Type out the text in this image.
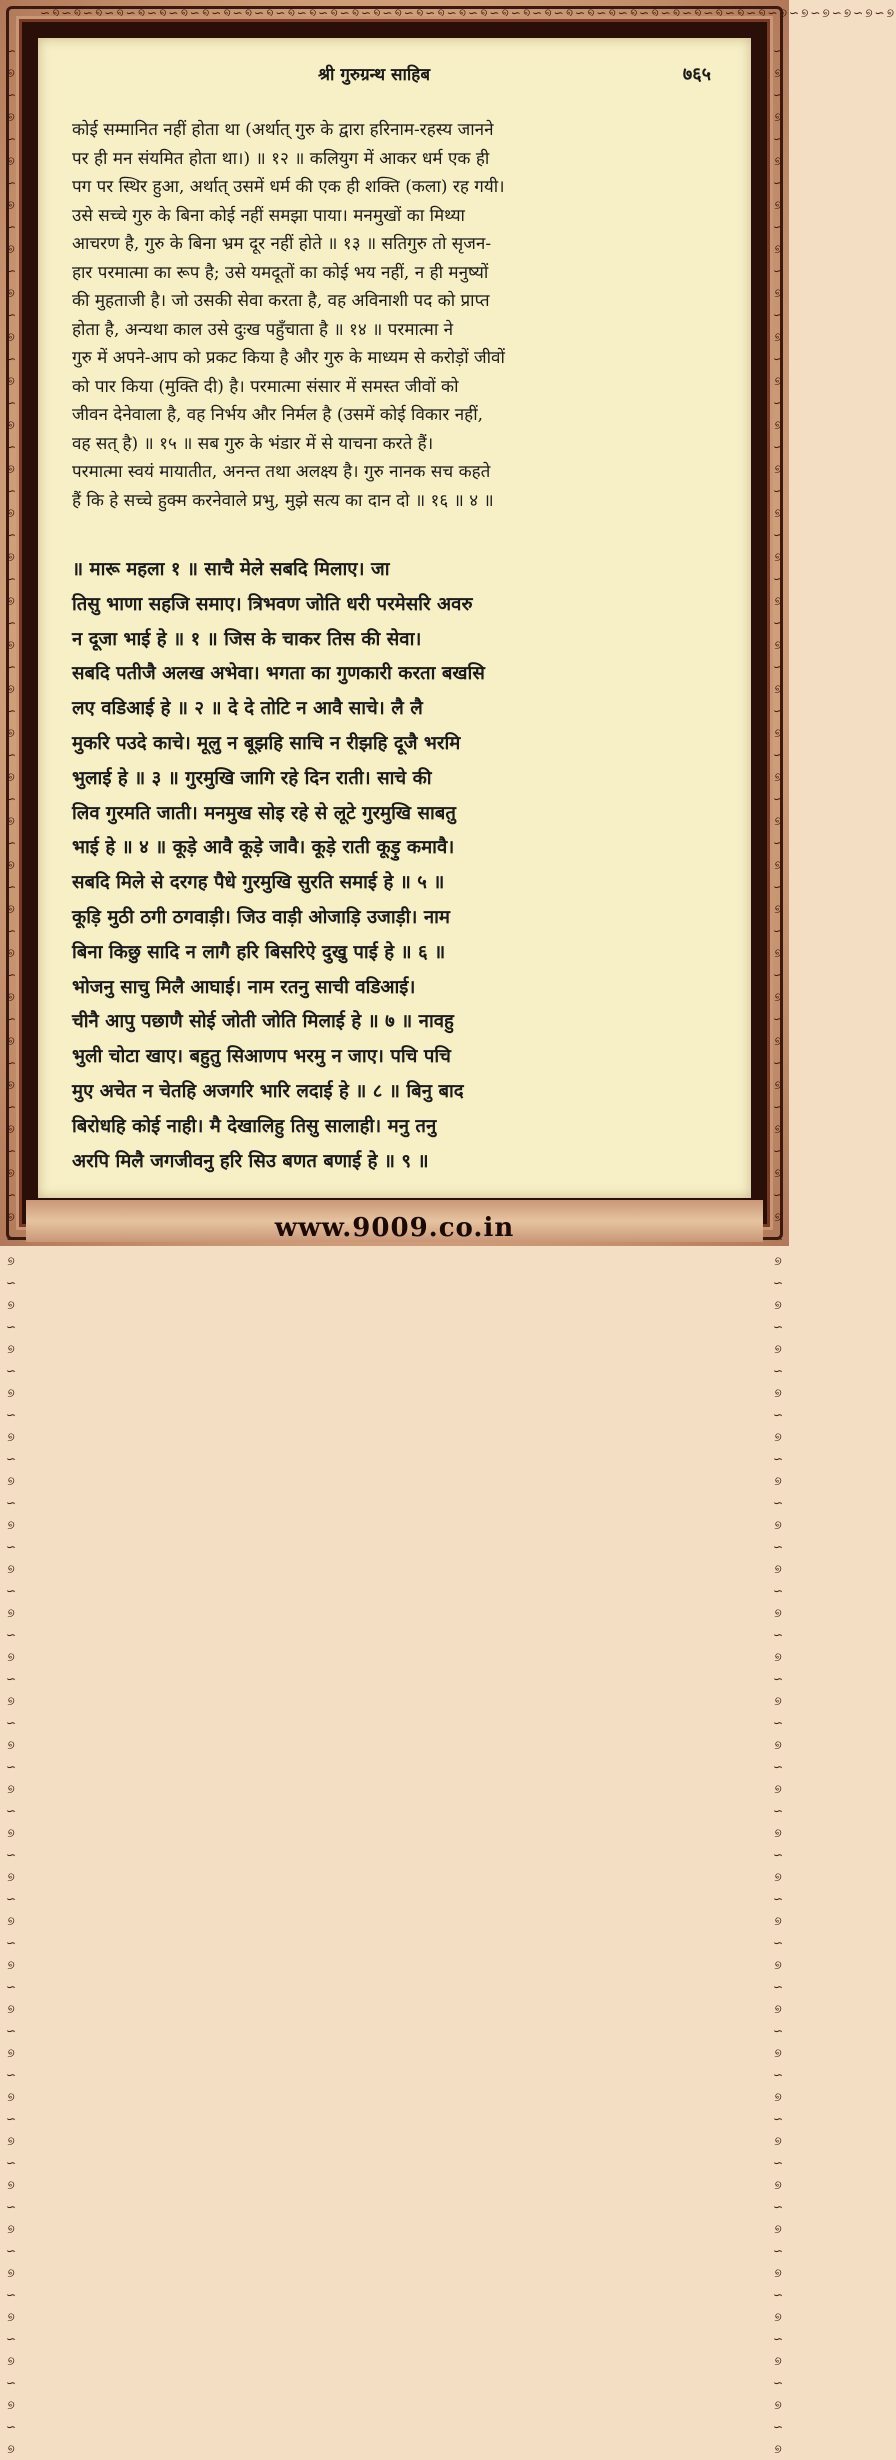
∽୭∽୭∽୭∽୭∽୭∽୭∽୭∽୭∽୭∽୭∽୭∽୭∽୭∽୭∽୭∽୭∽୭∽୭∽୭∽୭∽୭∽୭∽୭∽୭∽୭∽୭∽୭∽୭∽୭∽୭∽୭∽୭∽୭∽୭∽୭∽୭∽୭∽୭∽୭∽୭
∽୭∽୭∽୭∽୭∽୭∽୭∽୭∽୭∽୭∽୭∽୭∽୭∽୭∽୭∽୭∽୭∽୭∽୭∽୭∽୭∽୭∽୭∽୭∽୭∽୭∽୭∽୭∽୭∽୭∽୭∽୭∽୭∽୭∽୭∽୭∽୭∽୭∽୭∽୭∽୭∽୭∽୭∽୭∽୭∽୭∽୭∽୭∽୭∽୭∽୭∽୭∽୭∽୭∽୭∽୭
∽୭∽୭∽୭∽୭∽୭∽୭∽୭∽୭∽୭∽୭∽୭∽୭∽୭∽୭∽୭∽୭∽୭∽୭∽୭∽୭∽୭∽୭∽୭∽୭∽୭∽୭∽୭∽୭∽୭∽୭∽୭∽୭∽୭∽୭∽୭∽୭∽୭∽୭∽୭∽୭∽୭∽୭∽୭∽୭∽୭∽୭∽୭∽୭∽୭∽୭∽୭∽୭∽୭∽୭∽୭
श्री गुरुग्रन्थ साहिब	७६५

कोई सम्मानित नहीं होता था (अर्थात् गुरु के द्वारा हरिनाम-रहस्य जानने

पर ही मन संयमित होता था।) ॥ १२ ॥ कलियुग में आकर धर्म एक ही

पग पर स्थिर हुआ, अर्थात् उसमें धर्म की एक ही शक्ति (कला) रह गयी।

उसे सच्चे गुरु के बिना कोई नहीं समझा पाया। मनमुखों का मिथ्या

आचरण है, गुरु के बिना भ्रम दूर नहीं होते ॥ १३ ॥ सतिगुरु तो सृजन-

हार परमात्मा का रूप है; उसे यमदूतों का कोई भय नहीं, न ही मनुष्यों

की मुहताजी है। जो उसकी सेवा करता है, वह अविनाशी पद को प्राप्त

होता है, अन्यथा काल उसे दुःख पहुँचाता है ॥ १४ ॥ परमात्मा ने

गुरु में अपने-आप को प्रकट किया है और गुरु के माध्यम से करोड़ों जीवों

को पार किया (मुक्ति दी) है। परमात्मा संसार में समस्त जीवों को

जीवन देनेवाला है, वह निर्भय और निर्मल है (उसमें कोई विकार नहीं,

वह सत् है) ॥ १५ ॥ सब गुरु के भंडार में से याचना करते हैं।

परमात्मा स्वयं मायातीत, अनन्त तथा अलक्ष्य है। गुरु नानक सच कहते

हैं कि हे सच्चे हुक्म करनेवाले प्रभु, मुझे सत्य का दान दो ॥ १६ ॥ ४ ॥

॥ मारू महला १ ॥ साचै मेले सबदि मिलाए। जा

तिसु भाणा सहजि समाए। त्रिभवण जोति धरी परमेसरि अवरु

न दूजा भाई हे ॥ १ ॥ जिस के चाकर तिस की सेवा।

सबदि पतीजै अलख अभेवा। भगता का गुणकारी करता बखसि

लए वडिआई हे ॥ २ ॥ दे दे तोटि न आवै साचे। लै लै

मुकरि पउदे काचे। मूलु न बूझहि साचि न रीझहि दूजै भरमि

भुलाई हे ॥ ३ ॥ गुरमुखि जागि रहे दिन राती। साचे की

लिव गुरमति जाती। मनमुख सोइ रहे से लूटे गुरमुखि साबतु

भाई हे ॥ ४ ॥ कूड़े आवै कूड़े जावै। कूड़े राती कूड़ु कमावै।

सबदि मिले से दरगह पैधे गुरमुखि सुरति समाई हे ॥ ५ ॥

कूड़ि मुठी ठगी ठगवाड़ी। जिउ वाड़ी ओजाड़ि उजाड़ी। नाम

बिना किछु सादि न लागै हरि बिसरिऐ दुखु पाई हे ॥ ६ ॥

भोजनु साचु मिलै आघाई। नाम रतनु साची वडिआई।

चीनै आपु पछाणै सोई जोती जोति मिलाई हे ॥ ७ ॥ नावहु

भुली चोटा खाए। बहुतु सिआणप भरमु न जाए। पचि पचि

मुए अचेत न चेतहि अजगरि भारि लदाई हे ॥ ८ ॥ बिनु बाद

बिरोधहि कोई नाही। मै देखालिहु तिसु सालाही। मनु तनु

अरपि मिलै जगजीवनु हरि सिउ बणत बणाई हे ॥ ९ ॥

www.9009.co.in
